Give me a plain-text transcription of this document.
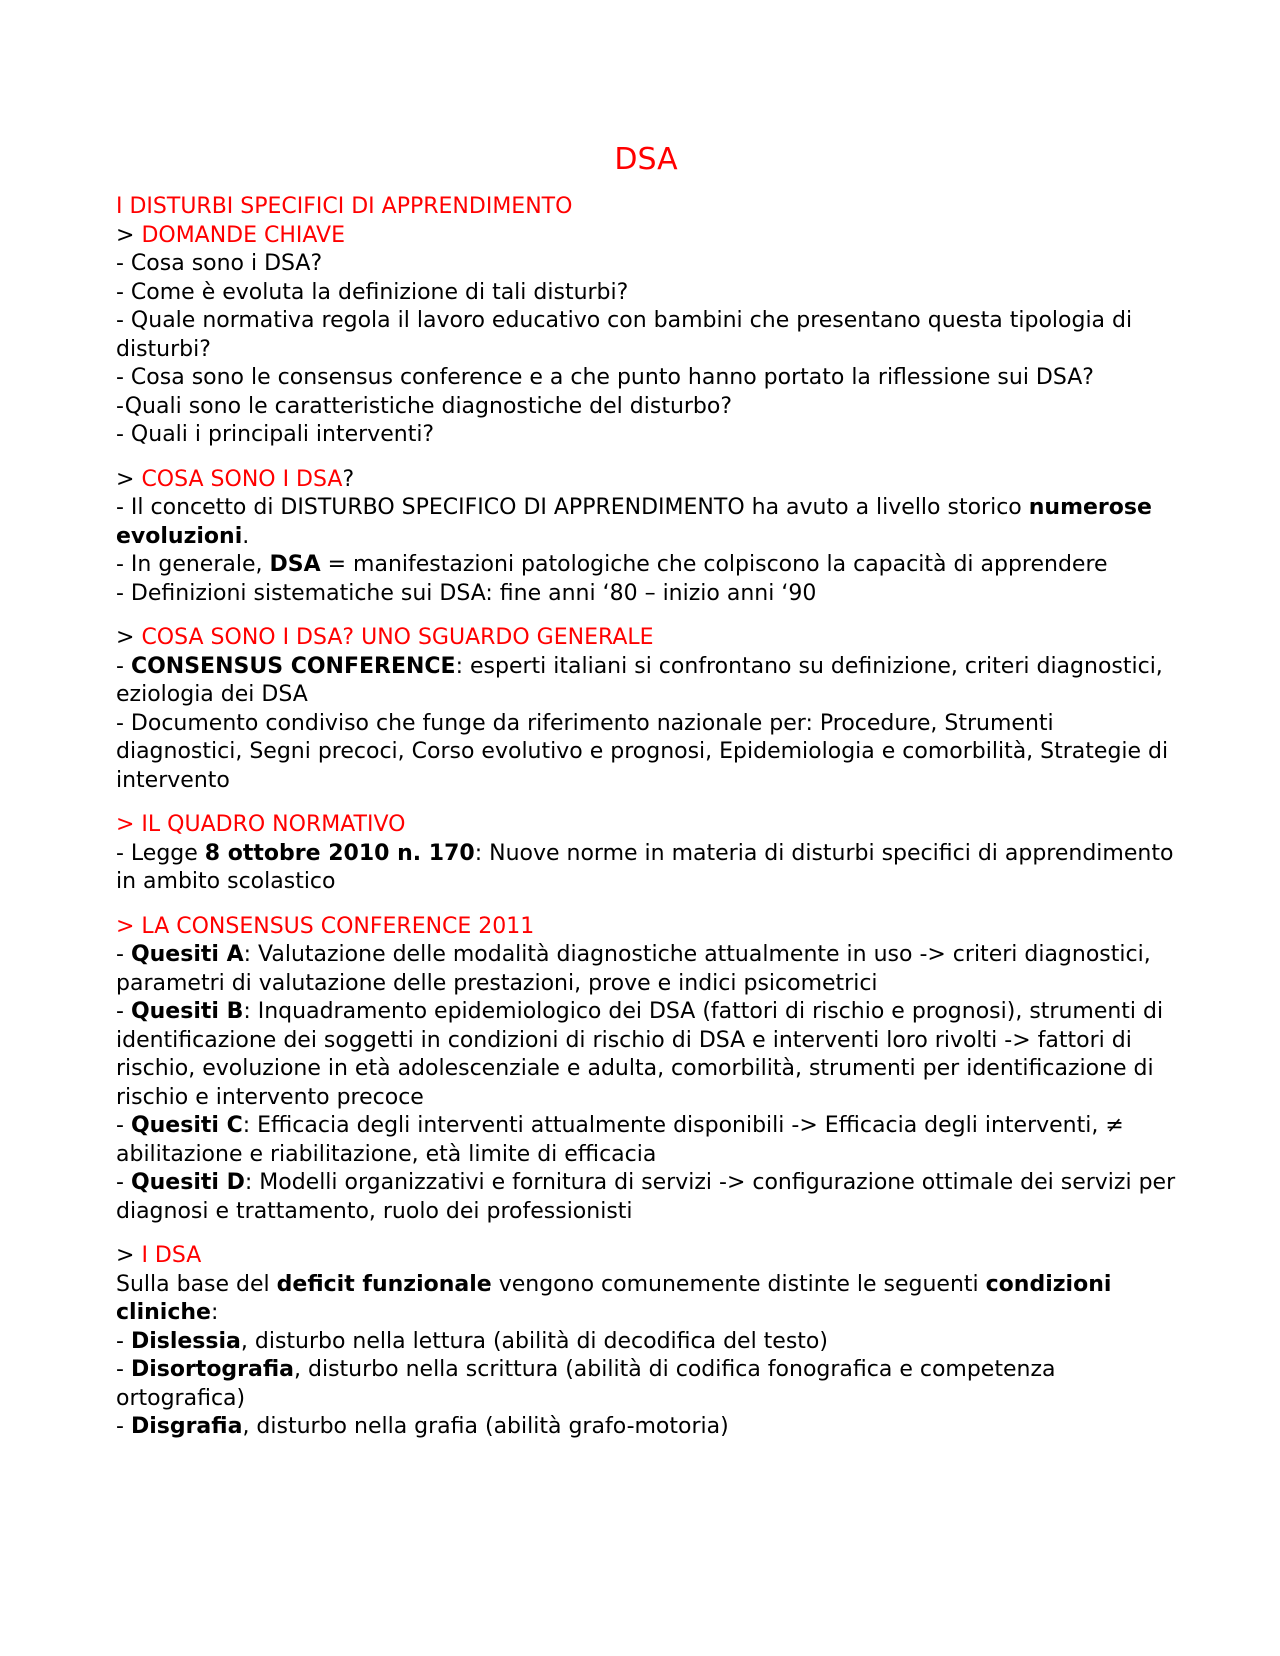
DSA

I DISTURBI SPECIFICI DI APPRENDIMENTO

> DOMANDE CHIAVE

- Cosa sono i DSA?

- Come è evoluta la definizione di tali disturbi?

- Quale normativa regola il lavoro educativo con bambini che presentano questa tipologia di disturbi?

- Cosa sono le consensus conference e a che punto hanno portato la riflessione sui DSA?

-Quali sono le caratteristiche diagnostiche del disturbo?

- Quali i principali interventi?

> COSA SONO I DSA?

- Il concetto di DISTURBO SPECIFICO DI APPRENDIMENTO ha avuto a livello storico numerose evoluzioni.

- In generale, DSA = manifestazioni patologiche che colpiscono la capacità di apprendere

- Definizioni sistematiche sui DSA: fine anni ‘80 – inizio anni ‘90

> COSA SONO I DSA? UNO SGUARDO GENERALE

- CONSENSUS CONFERENCE: esperti italiani si confrontano su definizione, criteri diagnostici, eziologia dei DSA

- Documento condiviso che funge da riferimento nazionale per: Procedure, Strumenti diagnostici, Segni precoci, Corso evolutivo e prognosi, Epidemiologia e comorbilità, Strategie di intervento

> IL QUADRO NORMATIVO

- Legge 8 ottobre 2010 n. 170: Nuove norme in materia di disturbi specifici di apprendimento in ambito scolastico

> LA CONSENSUS CONFERENCE 2011

- Quesiti A: Valutazione delle modalità diagnostiche attualmente in uso -> criteri diagnostici, parametri di valutazione delle prestazioni, prove e indici psicometrici

- Quesiti B: Inquadramento epidemiologico dei DSA (fattori di rischio e prognosi), strumenti di identificazione dei soggetti in condizioni di rischio di DSA e interventi loro rivolti -> fattori di rischio, evoluzione in età adolescenziale e adulta, comorbilità, strumenti per identificazione di rischio e intervento precoce

- Quesiti C: Efficacia degli interventi attualmente disponibili -> Efficacia degli interventi, ≠ abilitazione e riabilitazione, età limite di efficacia

- Quesiti D: Modelli organizzativi e fornitura di servizi -> configurazione ottimale dei servizi per diagnosi e trattamento, ruolo dei professionisti

> I DSA

Sulla base del deficit funzionale vengono comunemente distinte le seguenti condizioni cliniche:

- Dislessia, disturbo nella lettura (abilità di decodifica del testo)

- Disortografia, disturbo nella scrittura (abilità di codifica fonografica e competenza ortografica)

- Disgrafia, disturbo nella grafia (abilità grafo-motoria)
